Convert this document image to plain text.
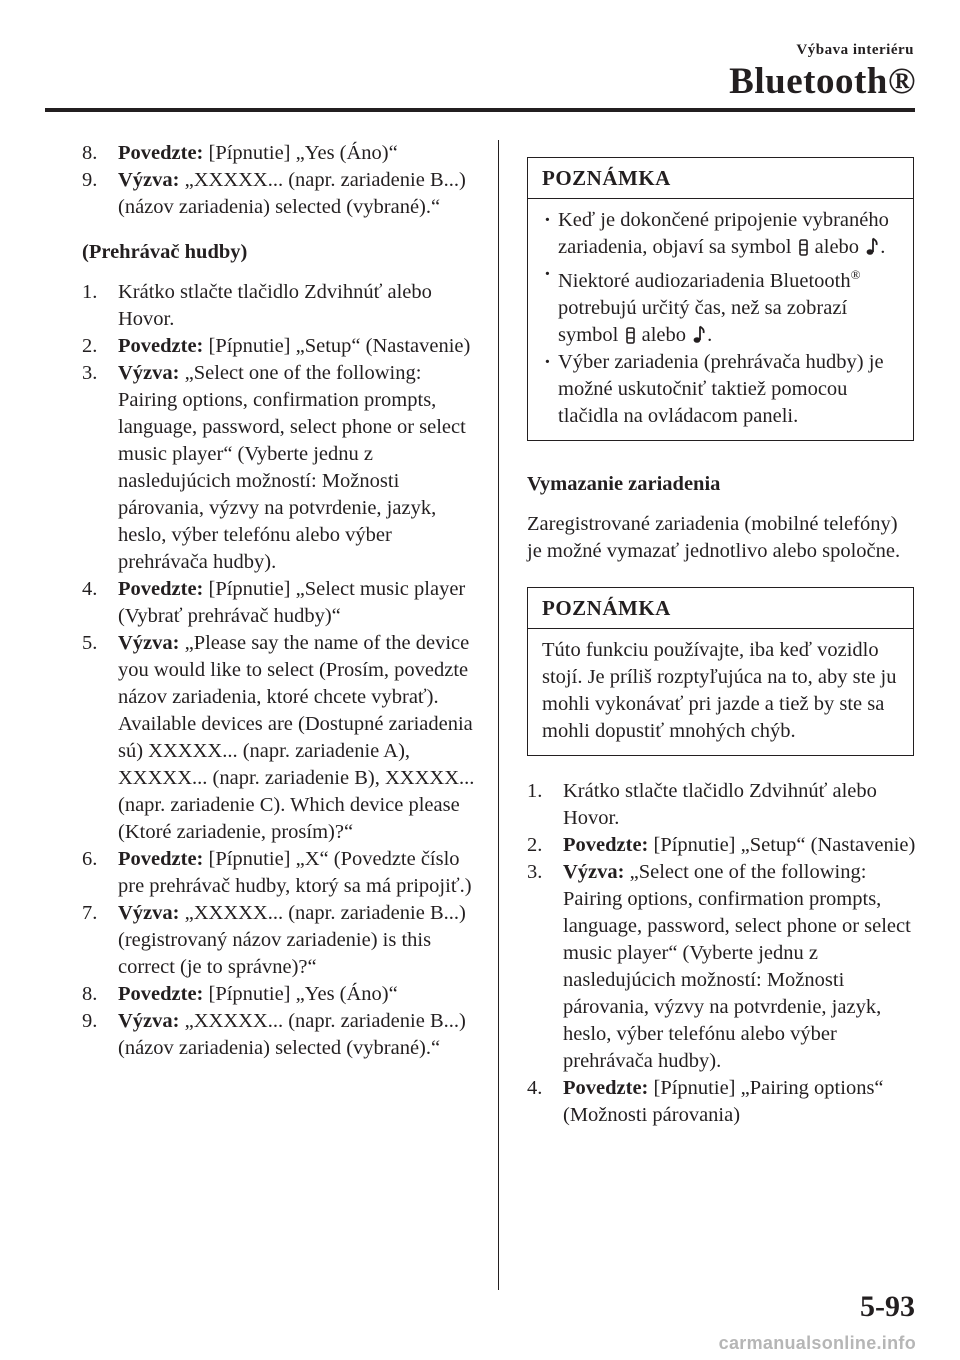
Výbava interiéru
Bluetooth®
8. Povedzte: [Pípnutie] „Yes (Áno)“
9. Výzva: „XXXXX... (napr. zariadenie B...) (názov zariadenia) selected (vybrané).“
(Prehrávač hudby)
1. Krátko stlačte tlačidlo Zdvihnúť alebo Hovor.
2. Povedzte: [Pípnutie] „Setup“ (Nastavenie)
3. Výzva: „Select one of the following: Pairing options, confirmation prompts, language, password, select phone or select music player“ (Vyberte jednu z nasledujúcich možností: Možnosti párovania, výzvy na potvrdenie, jazyk, heslo, výber telefónu alebo výber prehrávača hudby).
4. Povedzte: [Pípnutie] „Select music player (Vybrať prehrávač hudby)“
5. Výzva: „Please say the name of the device you would like to select (Prosím, povedzte názov zariadenia, ktoré chcete vybrať). Available devices are (Dostupné zariadenia sú) XXXXX... (napr. zariadenie A), XXXXX... (napr. zariadenie B), XXXXX... (napr. zariadenie C). Which device please (Ktoré zariadenie, prosím)?“
6. Povedzte: [Pípnutie] „X“ (Povedzte číslo pre prehrávač hudby, ktorý sa má pripojiť.)
7. Výzva: „XXXXX... (napr. zariadenie B...) (registrovaný názov zariadenie) is this correct (je to správne)?“
8. Povedzte: [Pípnutie] „Yes (Áno)“
9. Výzva: „XXXXX... (napr. zariadenie B...) (názov zariadenia) selected (vybrané).“
POZNÁMKA
· Keď je dokončené pripojenie vybraného zariadenia, objaví sa symbol alebo .
· Niektoré audiozariadenia Bluetooth® potrebujú určitý čas, než sa zobrazí symbol alebo .
· Výber zariadenia (prehrávača hudby) je možné uskutočniť taktiež pomocou tlačidla na ovládacom paneli.
Vymazanie zariadenia

Zaregistrované zariadenia (mobilné telefóny) je možné vymazať jednotlivo alebo spoločne.

POZNÁMKA
Túto funkciu používajte, iba keď vozidlo stojí. Je príliš rozptyľujúca na to, aby ste ju mohli vykonávať pri jazde a tiež by ste sa mohli dopustiť mnohých chýb.
1. Krátko stlačte tlačidlo Zdvihnúť alebo Hovor.
2. Povedzte: [Pípnutie] „Setup“ (Nastavenie)
3. Výzva: „Select one of the following: Pairing options, confirmation prompts, language, password, select phone or select music player“ (Vyberte jednu z nasledujúcich možností: Možnosti párovania, výzvy na potvrdenie, jazyk, heslo, výber telefónu alebo výber prehrávača hudby).
4. Povedzte: [Pípnutie] „Pairing options“ (Možnosti párovania)
5-93
carmanualsonline.info
